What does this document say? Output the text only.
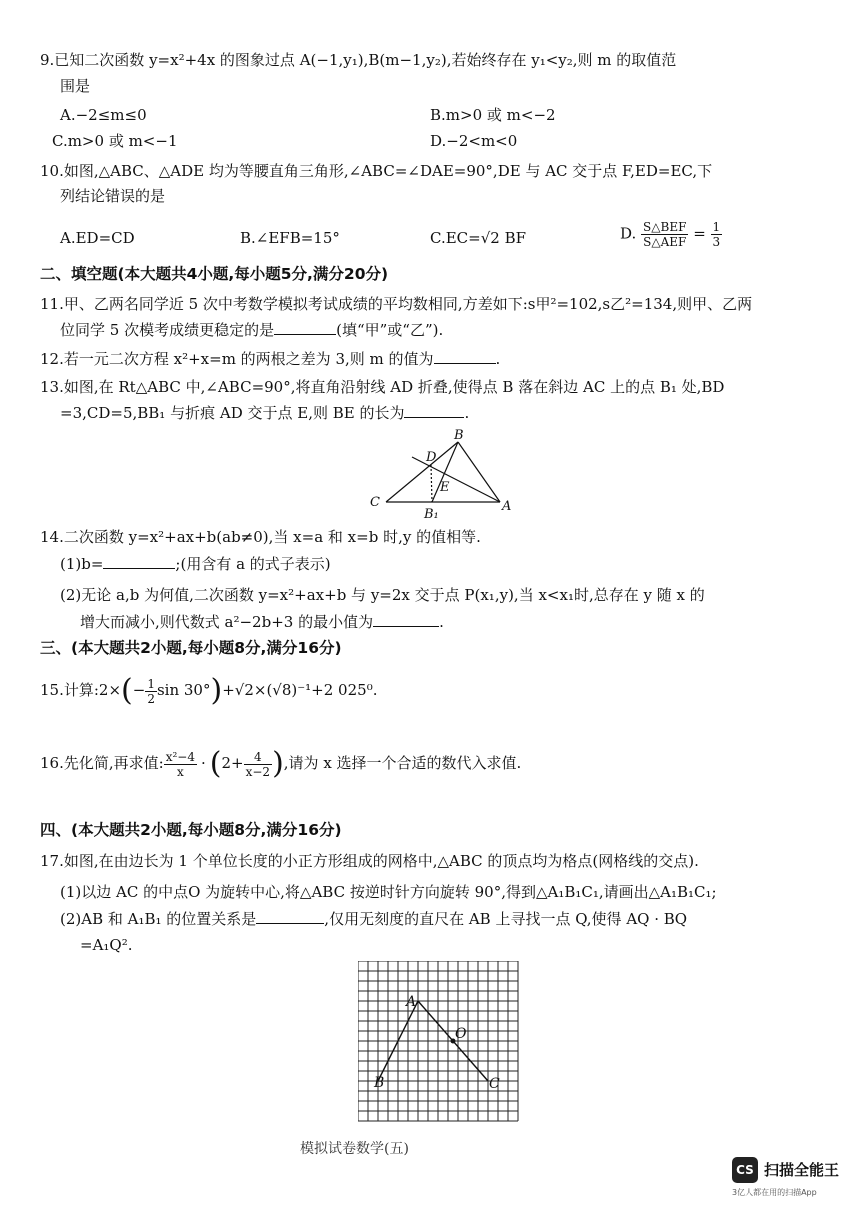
9.已知二次函数 y=x²+4x 的图象过点 A(−1,y₁),B(m−1,y₂),若始终存在 y₁<y₂,则 m 的取值范
围是
A.−2≤m≤0	B.m>0 或 m<−2
C.m>0 或 m<−1	D.−2<m<0
10.如图,△ABC、△ADE 均为等腰直角三角形,∠ABC=∠DAE=90°,DE 与 AC 交于点 F,ED=EC,下
列结论错误的是
A.ED=CD	B.∠EFB=15°	C.EC=√2 BF	D. $\frac{\text{S△BEF}}{\text{S△AEF}} = \frac{1}{3}$
二、填空题(本大题共4小题,每小题5分,满分20分)
11.甲、乙两名同学近 5 次中考数学模拟考试成绩的平均数相同,方差如下:s甲²=102,s乙²=134,则甲、乙两
位同学 5 次模考成绩更稳定的是	(填“甲”或“乙”).
12.若一元二次方程 x²+x=m 的两根之差为 3,则 m 的值为	.
13.如图,在 Rt△ABC 中,∠ABC=90°,将直角沿射线 AD 折叠,使得点 B 落在斜边 AC 上的点 B₁ 处,BD
=3,CD=5,BB₁ 与折痕 AD 交于点 E,则 BE 的长为	.
B
D
E
C	A
B₁
14.二次函数 y=x²+ax+b(ab≠0),当 x=a 和 x=b 时,y 的值相等.
(1)b=	;(用含有 a 的式子表示)
(2)无论 a,b 为何值,二次函数 y=x²+ax+b 与 y=2x 交于点 P(x₁,y),当 x<x₁时,总存在 y 随 x 的
增大而减小,则代数式 a²−2b+3 的最小值为	.
三、(本大题共2小题,每小题8分,满分16分)
15.计算:2×(− $\frac{1}{2}$ sin 30°)+√2×(√8)⁻¹+2 025⁰.
16.先化简,再求值: $\frac{\text{x²−4}}{x} \cdot (2+ \frac{4}{x-2}$ ),请为 x 选择一个合适的数代入求值.
四、(本大题共2小题,每小题8分,满分16分)
17.如图,在由边长为 1 个单位长度的小正方形组成的网格中,△ABC 的顶点均为格点(网格线的交点).
(1)以边 AC 的中点O 为旋转中心,将△ABC 按逆时针方向旋转 90°,得到△A₁B₁C₁,请画出△A₁B₁C₁;
(2)AB 和 A₁B₁ 的位置关系是	,仅用无刻度的直尺在 AB 上寻找一点 Q,使得 AQ · BQ
=A₁Q².
A
B	C
O
模拟试卷数学(五)
CS 扫描全能王
3亿人都在用的扫描App
